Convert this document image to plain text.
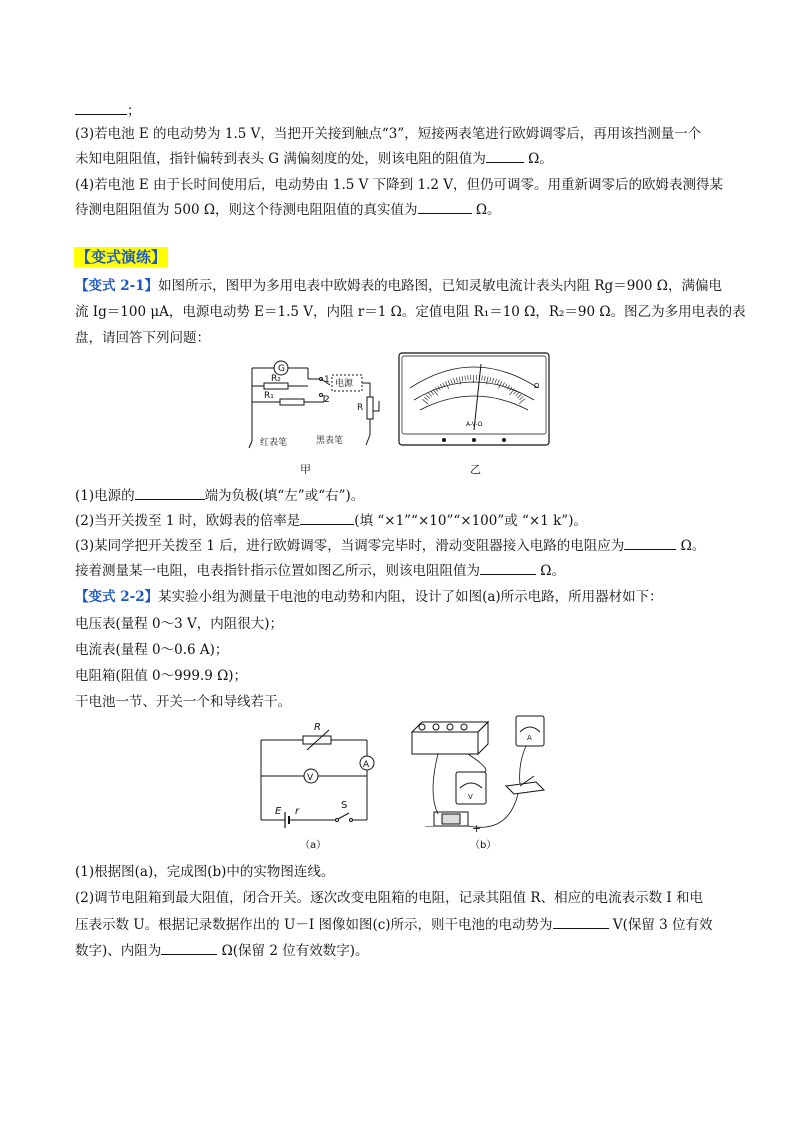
；
(3)若电池 E 的电动势为 1.5 V，当把开关接到触点“3”，短接两表笔进行欧姆调零后，再用该挡测量一个
未知电阻阻值，指针偏转到表头 G 满偏刻度的处，则该电阻的阻值为	Ω。
(4)若电池 E 由于长时间使用后，电动势由 1.5 V 下降到 1.2 V，但仍可调零。用重新调零后的欧姆表测得某
待测电阻阻值为 500 Ω，则这个待测电阻阻值的真实值为	Ω。
【变式演练】
【变式 2-1】如图所示，图甲为多用电表中欧姆表的电路图，已知灵敏电流计表头内阻 Rg＝900 Ω，满偏电
流 Ig＝100 μA，电源电动势 E＝1.5 V，内阻 r＝1 Ω。定值电阻 R₁＝10 Ω，R₂＝90 Ω。图乙为多用电表的表
盘，请回答下列问题：
G
R₂
R₁
1
2
电源
R
红表笔	黑表笔
甲
Ω
A-V-Ω
乙
(1)电源的	端为负极(填“左”或“右”)。
(2)当开关拨至 1 时，欧姆表的倍率是	(填 “×1”“×10”“×100”或 “×1 k”)。
(3)某同学把开关拨至 1 后，进行欧姆调零，当调零完毕时，滑动变阻器接入电路的电阻应为	Ω。
接着测量某一电阻，电表指针指示位置如图乙所示，则该电阻阻值为	Ω。
【变式 2-2】某实验小组为测量干电池的电动势和内阻，设计了如图(a)所示电路，所用器材如下：
电压表(量程 0～3 V，内阻很大)；
电流表(量程 0～0.6 A)；
电阻箱(阻值 0～999.9 Ω)；
干电池一节、开关一个和导线若干。
R
A
V
E r
S
（a）
A
V
－	+
（b）
(1)根据图(a)，完成图(b)中的实物图连线。
(2)调节电阻箱到最大阻值，闭合开关。逐次改变电阻箱的电阻，记录其阻值 R、相应的电流表示数 I 和电
压表示数 U。根据记录数据作出的 U－I 图像如图(c)所示，则干电池的电动势为	V(保留 3 位有效
数字)、内阻为	Ω(保留 2 位有效数字)。
